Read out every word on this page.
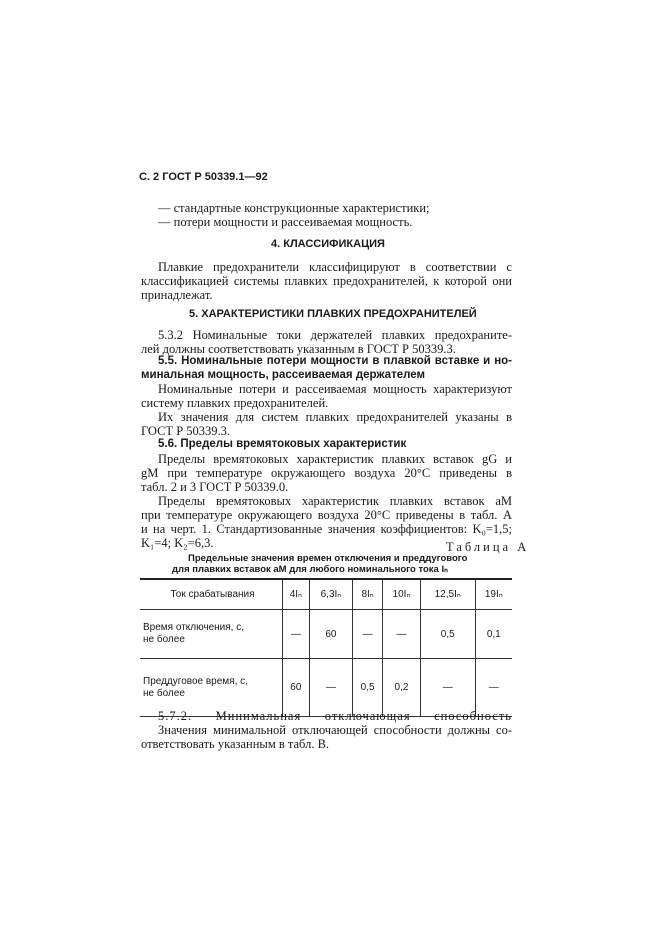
С. 2 ГОСТ Р 50339.1—92
— стандартные конструкционные характеристики;
— потери мощности и рассеиваемая мощность.
4. КЛАССИФИКАЦИЯ
Плавкие предохранители классифицируют в соответствии с
классификацией системы плавких предохранителей, к которой они
принадлежат.
5. ХАРАКТЕРИСТИКИ ПЛАВКИХ ПРЕДОХРАНИТЕЛЕЙ
5.3.2 Номинальные токи держателей плавких предохраните-
лей должны соответствовать указанным в ГОСТ Р 50339.3.
5.5. Номинальные потери мощности в плавкой вставке и но-
минальная мощность, рассеиваемая держателем
Номинальные потери и рассеиваемая мощность характеризуют
систему плавких предохранителей.
Их значения для систем плавких предохранителей указаны в
ГОСТ Р 50339.3.
5.6. Пределы времятоковых характеристик
Пределы времятоковых характеристик плавких вставок gG и
gM при температуре окружающего воздуха 20°С приведены в
табл. 2 и 3 ГОСТ Р 50339.0.
Пределы времятоковых характеристик плавких вставок aM
при температуре окружающего воздуха 20°С приведены в табл. А
и на черт. 1. Стандартизованные значения коэффициентов: K₀=1,5;
K₁=4; K₂=6,3.	Таблица А
Предельные значения времен отключения и преддугового
для плавких вставок aM для любого номинального тока Iₙ
Ток срабатывания	4Iₙ	6,3Iₙ	8Iₙ	10Iₙ	12,5Iₙ	19Iₙ

Время отключения, с,
не более	—	60	—	—	0,5	0,1

Преддуговое время, с,
не более	60	—	0,5	0,2	—	—
5.7.2. Минимальная отключающая способность
Значения минимальной отключающей способности должны со-
ответствовать указанным в табл. В.
